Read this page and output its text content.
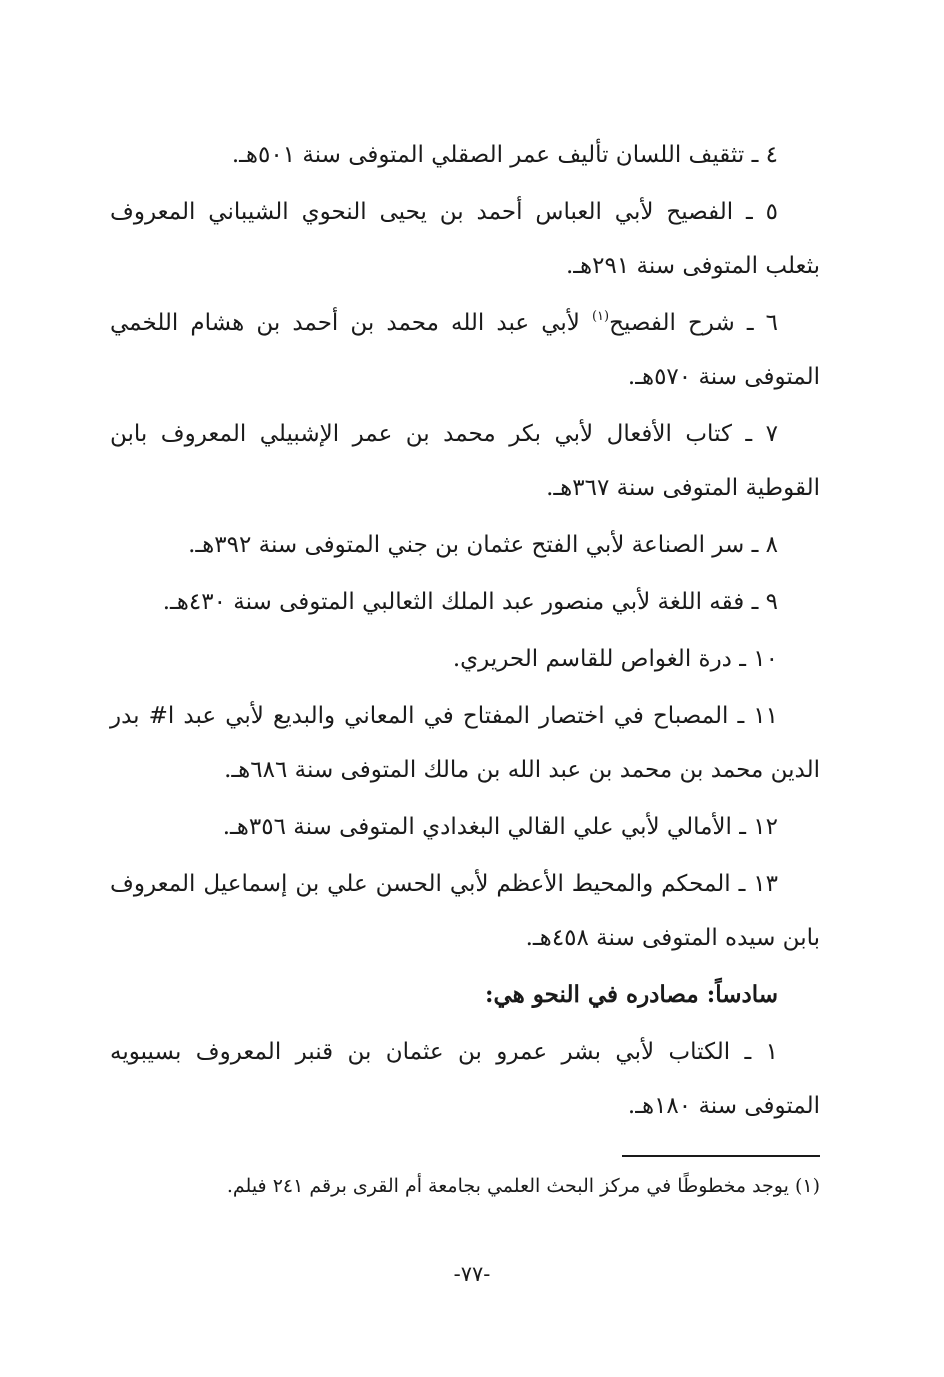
٤ ـ تثقيف اللسان تأليف عمر الصقلي المتوفى سنة ٥٠١هـ.

٥ ـ الفصيح لأبي العباس أحمد بن يحيى النحوي الشيباني المعروف بثعلب المتوفى سنة ٢٩١هـ.

٦ ـ شرح الفصيح$^{(١)}$ لأبي عبد الله محمد بن أحمد بن هشام اللخمي المتوفى سنة ٥٧٠هـ.

٧ ـ كتاب الأفعال لأبي بكر محمد بن عمر الإشبيلي المعروف بابن القوطية المتوفى سنة ٣٦٧هـ.

٨ ـ سر الصناعة لأبي الفتح عثمان بن جني المتوفى سنة ٣٩٢هـ.

٩ ـ فقه اللغة لأبي منصور عبد الملك الثعالبي المتوفى سنة ٤٣٠هـ.

١٠ ـ درة الغواص للقاسم الحريري.

١١ ـ المصباح في اختصار المفتاح في المعاني والبديع لأبي عبد ا# بدر الدين محمد بن محمد بن عبد الله بن مالك المتوفى سنة ٦٨٦هـ.

١٢ ـ الأمالي لأبي علي القالي البغدادي المتوفى سنة ٣٥٦هـ.

١٣ ـ المحكم والمحيط الأعظم لأبي الحسن علي بن إسماعيل المعروف بابن سيده المتوفى سنة ٤٥٨هـ.

سادساً: مصادره في النحو هي:

١ ـ الكتاب لأبي بشر عمرو بن عثمان بن قنبر المعروف بسيبويه المتوفى سنة ١٨٠هـ.

(١) يوجد مخطوطًا في مركز البحث العلمي بجامعة أم القرى برقم ٢٤١ فيلم.
-٧٧-
